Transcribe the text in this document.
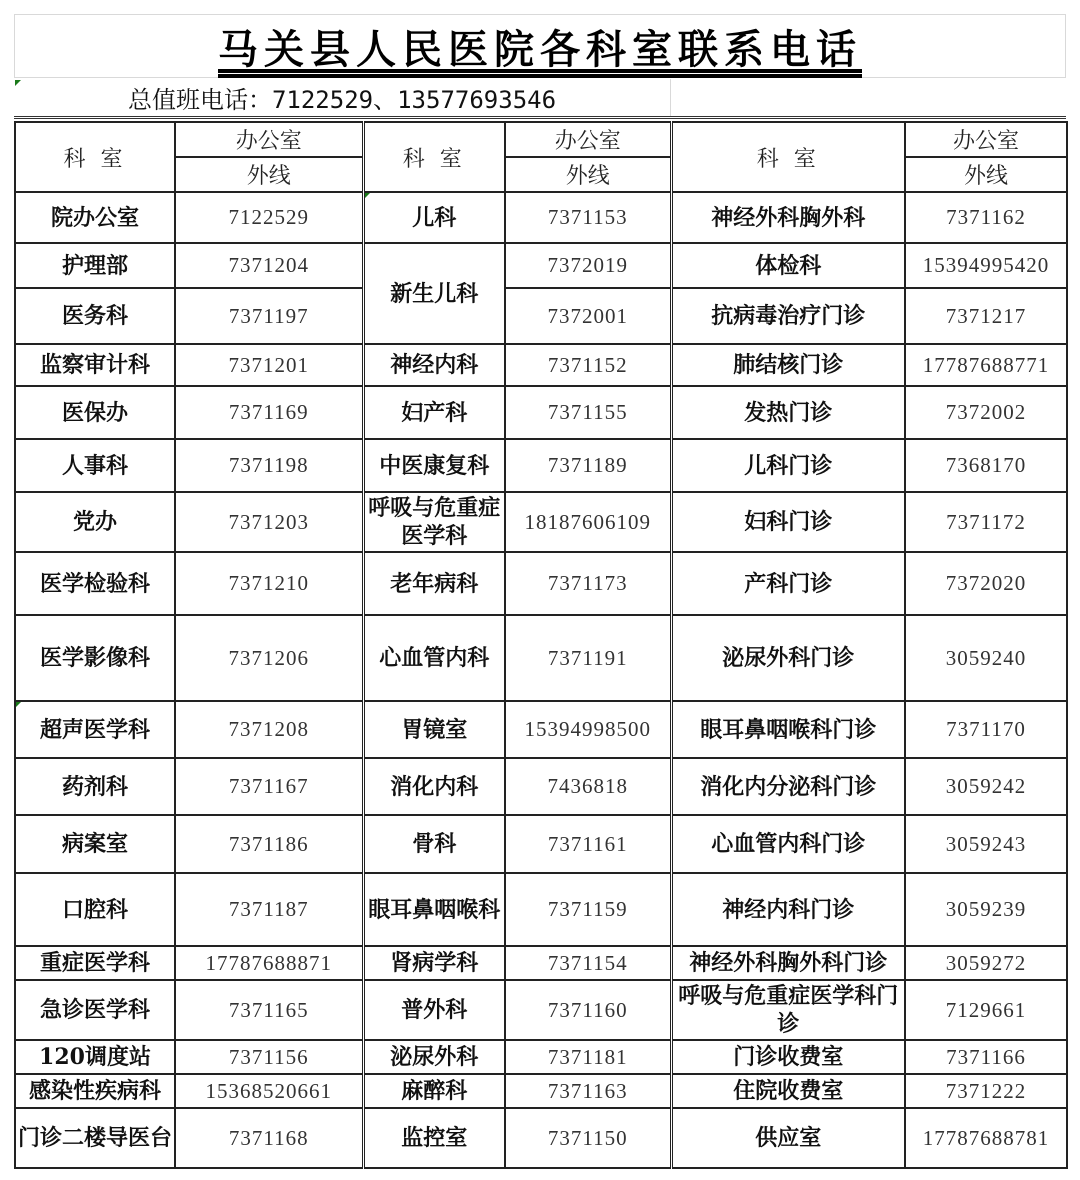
马关县人民医院各科室联系电话
总值班电话：7122529、13577693546
科 室	办公室	科 室	办公室	科 室	办公室
	外线		外线		外线
院办公室	7122529	儿科	7371153	神经外科胸外科	7371162
护理部	7371204	新生儿科	7372019	体检科	15394995420
医务科	7371197		7372001	抗病毒治疗门诊	7371217
监察审计科	7371201	神经内科	7371152	肺结核门诊	17787688771
医保办	7371169	妇产科	7371155	发热门诊	7372002
人事科	7371198	中医康复科	7371189	儿科门诊	7368170
党办	7371203	呼吸与危重症医学科	18187606109	妇科门诊	7371172
医学检验科	7371210	老年病科	7371173	产科门诊	7372020
医学影像科	7371206	心血管内科	7371191	泌尿外科门诊	3059240
超声医学科	7371208	胃镜室	15394998500	眼耳鼻咽喉科门诊	7371170
药剂科	7371167	消化内科	7436818	消化内分泌科门诊	3059242
病案室	7371186	骨科	7371161	心血管内科门诊	3059243
口腔科	7371187	眼耳鼻咽喉科	7371159	神经内科门诊	3059239
重症医学科	17787688871	肾病学科	7371154	神经外科胸外科门诊	3059272
急诊医学科	7371165	普外科	7371160	呼吸与危重症医学科门诊	7129661
120调度站	7371156	泌尿外科	7371181	门诊收费室	7371166
感染性疾病科	15368520661	麻醉科	7371163	住院收费室	7371222
门诊二楼导医台	7371168	监控室	7371150	供应室	17787688781
